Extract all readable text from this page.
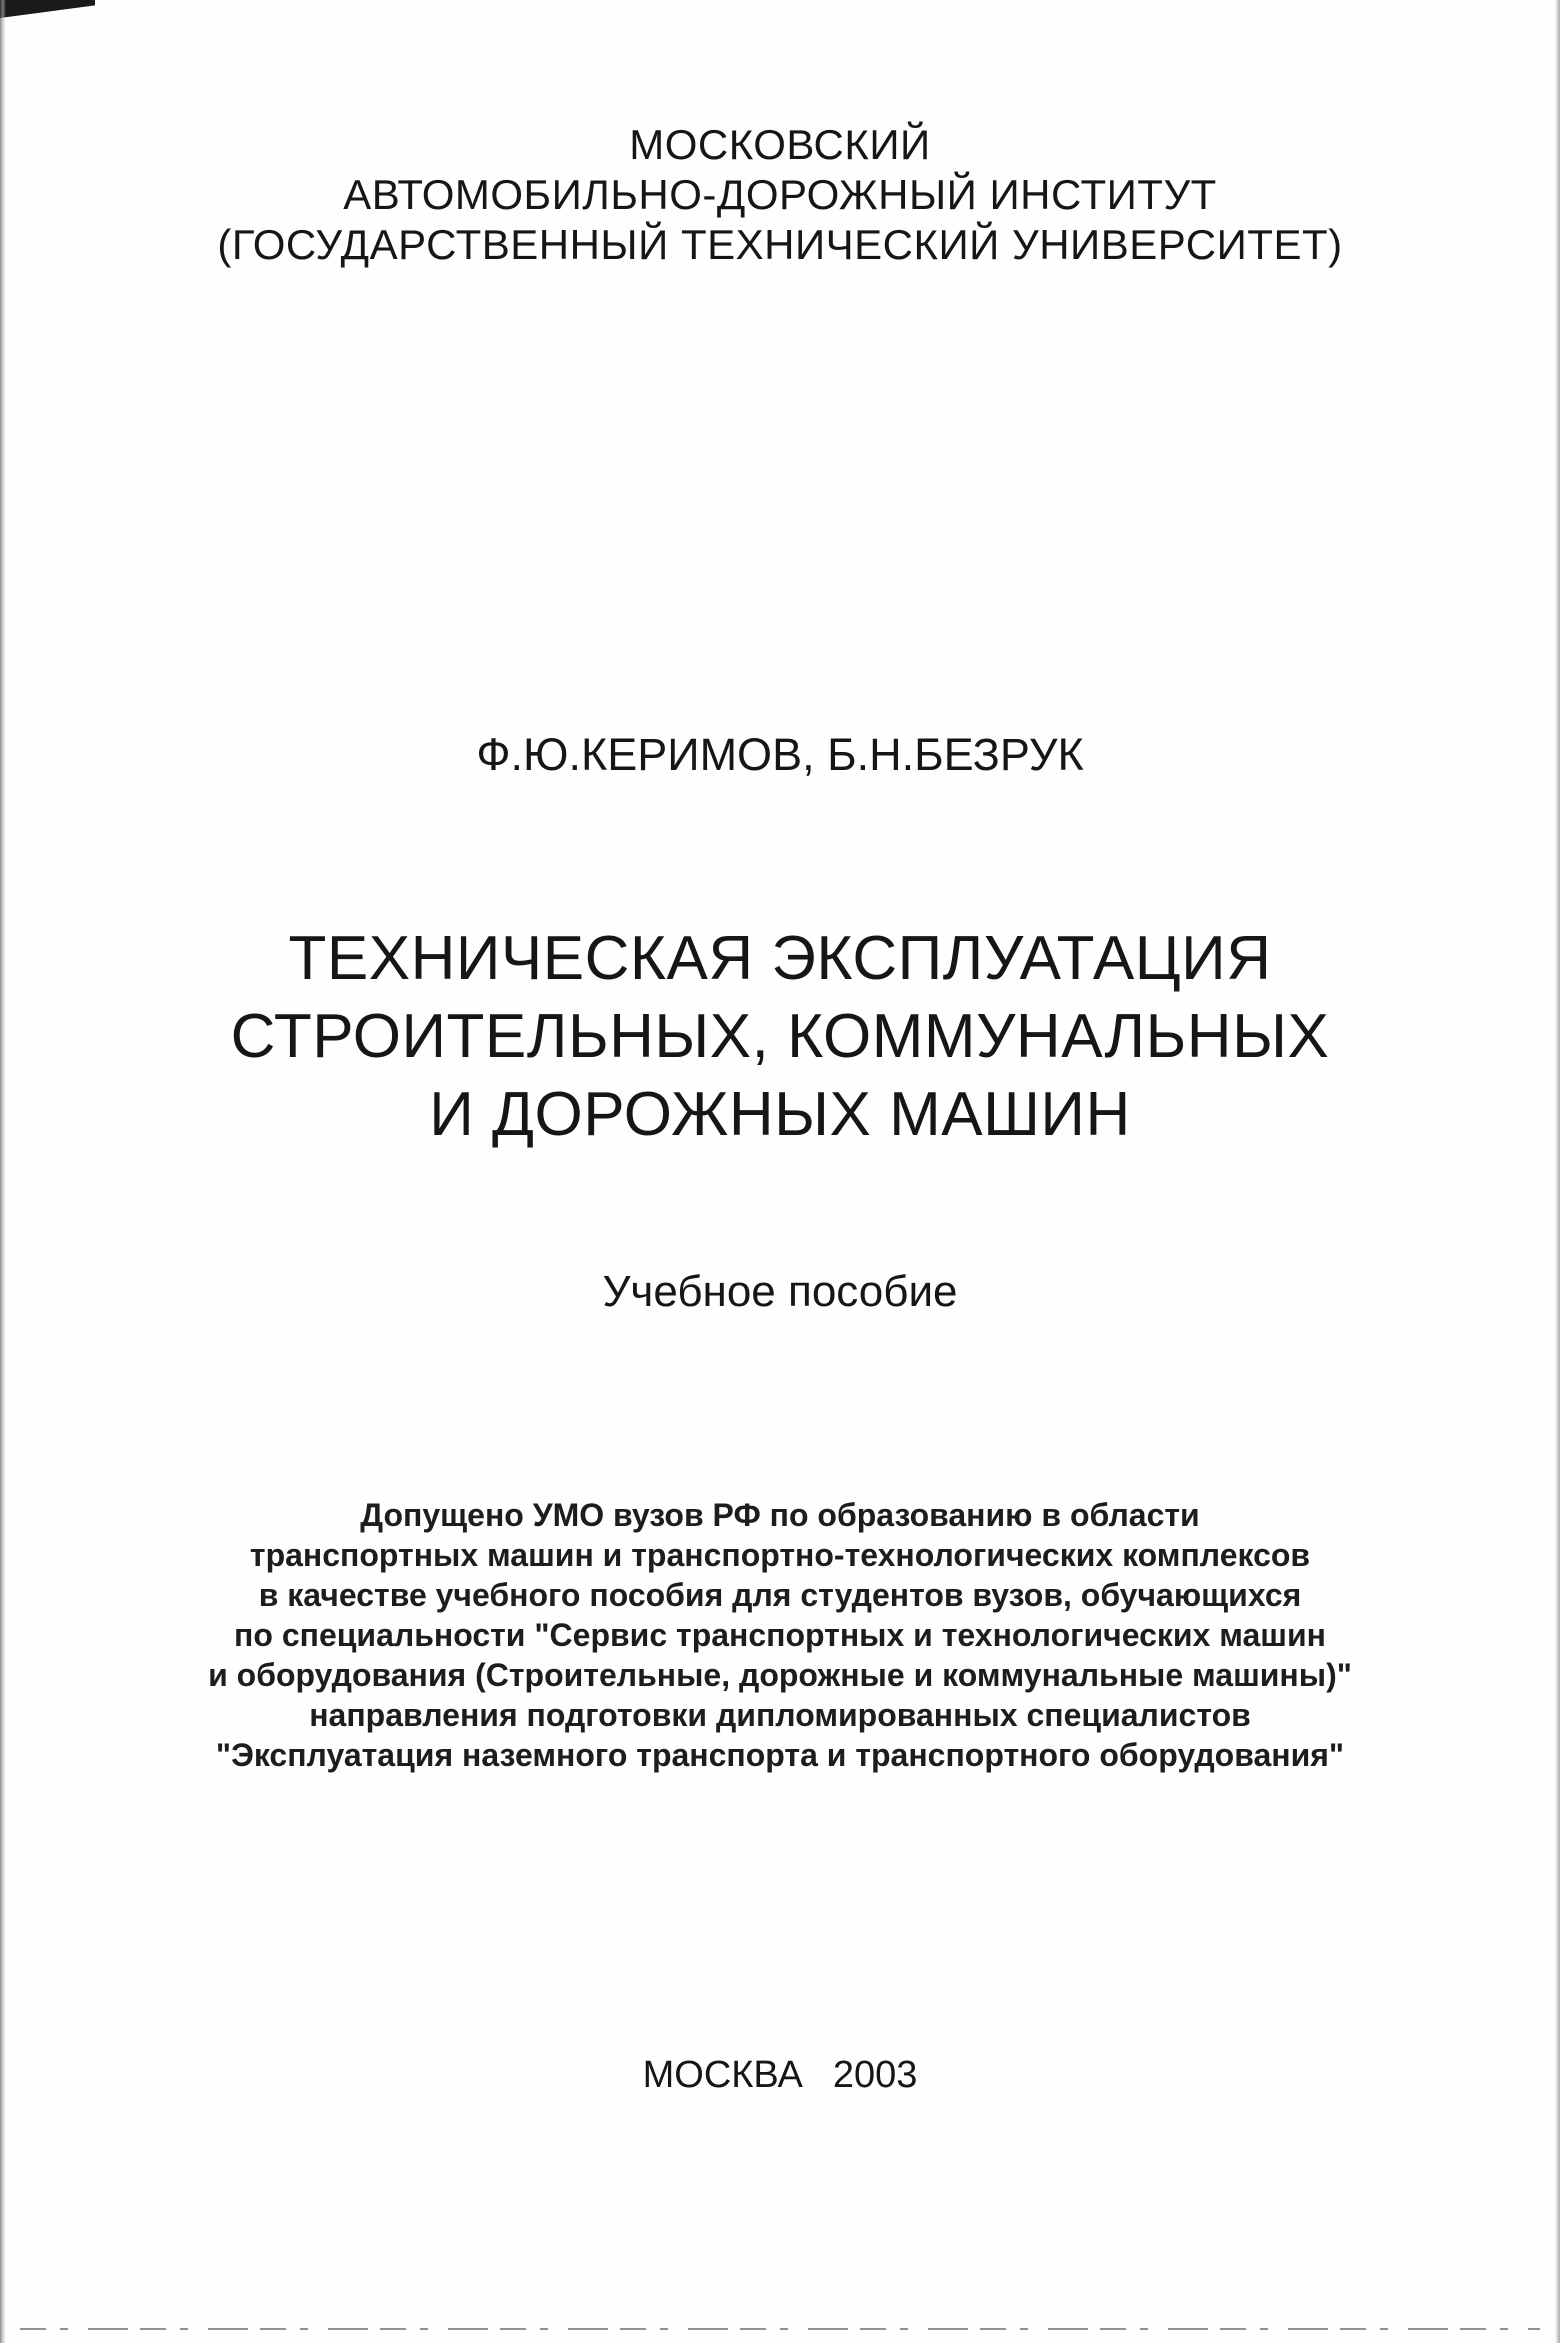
МОСКОВСКИЙ
АВТОМОБИЛЬНО-ДОРОЖНЫЙ ИНСТИТУТ
(ГОСУДАРСТВЕННЫЙ ТЕХНИЧЕСКИЙ УНИВЕРСИТЕТ)
Ф.Ю.КЕРИМОВ, Б.Н.БЕЗРУК
ТЕХНИЧЕСКАЯ ЭКСПЛУАТАЦИЯ
СТРОИТЕЛЬНЫХ, КОММУНАЛЬНЫХ
И ДОРОЖНЫХ МАШИН
Учебное пособие
Допущено УМО вузов РФ по образованию в области
транспортных машин и транспортно-технологических комплексов
в качестве учебного пособия для студентов вузов, обучающихся
по специальности "Сервис транспортных и технологических машин
и оборудования (Строительные, дорожные и коммунальные машины)"
направления подготовки дипломированных специалистов
"Эксплуатация наземного транспорта и транспортного оборудования"
МОСКВА 2003
